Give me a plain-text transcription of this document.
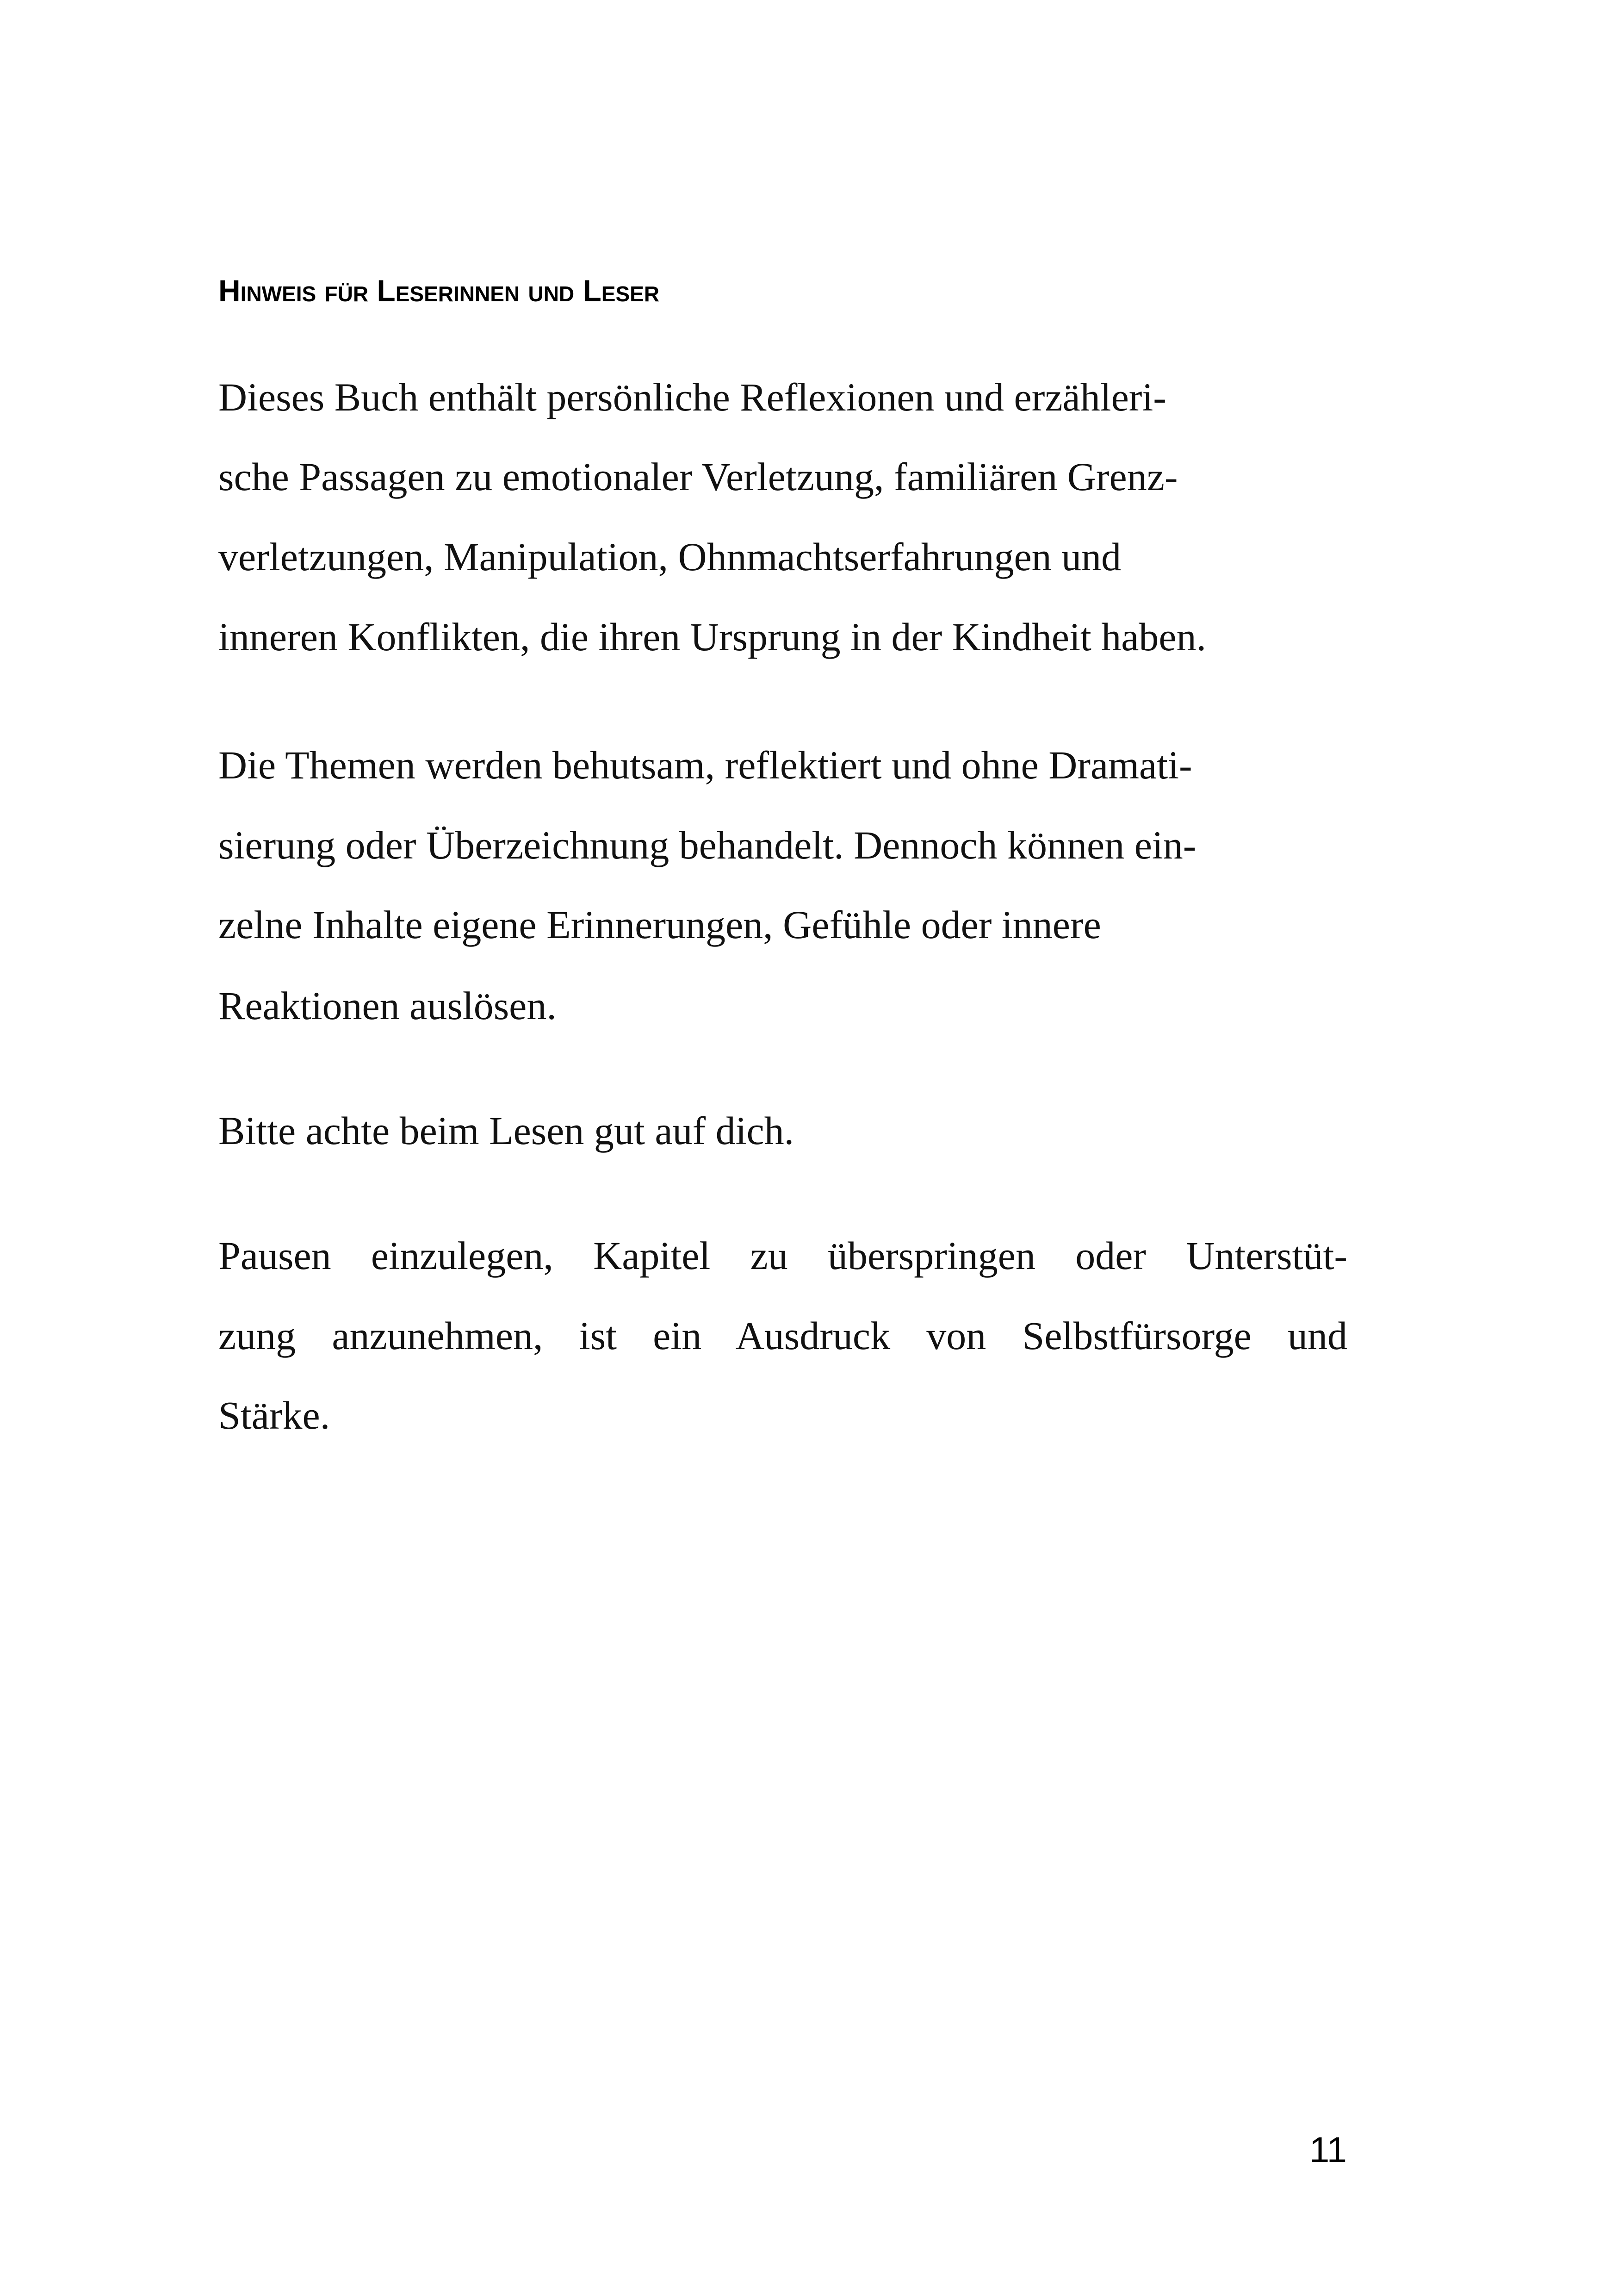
Hinweis für Leserinnen und Leser

Dieses Buch enthält persönliche Reflexionen und erzähleri-

sche Passagen zu emotionaler Verletzung, familiären Grenz-

verletzungen, Manipulation, Ohnmachtserfahrungen und

inneren Konflikten, die ihren Ursprung in der Kindheit haben.

Die Themen werden behutsam, reflektiert und ohne Dramati-

sierung oder Überzeichnung behandelt. Dennoch können ein-

zelne Inhalte eigene Erinnerungen, Gefühle oder innere

Reaktionen auslösen.

Bitte achte beim Lesen gut auf dich.

Pausen einzulegen, Kapitel zu überspringen oder Unterstüt-

zung anzunehmen, ist ein Ausdruck von Selbstfürsorge und

Stärke.

11
